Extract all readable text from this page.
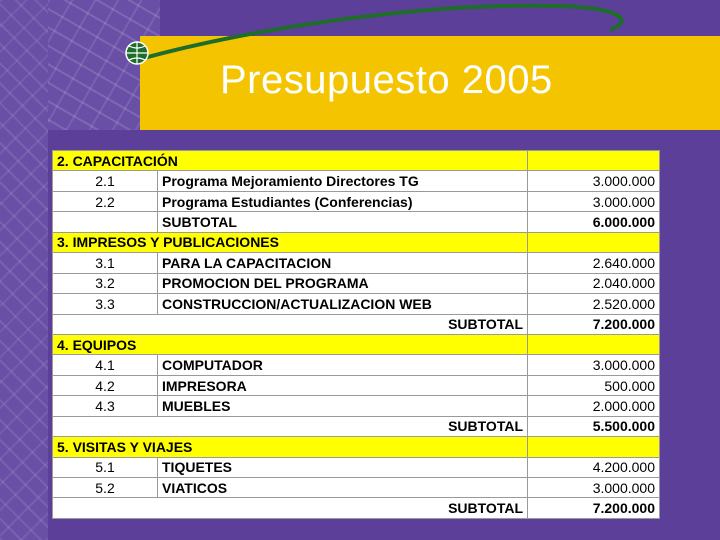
Presupuesto 2005
2. CAPACITACIÓN		
2.1	Programa Mejoramiento Directores TG	3.000.000
2.2	Programa Estudiantes (Conferencias)	3.000.000
	SUBTOTAL	6.000.000
3. IMPRESOS Y PUBLICACIONES		
3.1	PARA LA CAPACITACION	2.640.000
3.2	PROMOCION DEL PROGRAMA	2.040.000
3.3	CONSTRUCCION/ACTUALIZACION WEB	2.520.000
SUBTOTAL		7.200.000
4. EQUIPOS		
4.1	COMPUTADOR	3.000.000
4.2	IMPRESORA	500.000
4.3	MUEBLES	2.000.000
SUBTOTAL		5.500.000
5. VISITAS Y VIAJES		
5.1	TIQUETES	4.200.000
5.2	VIATICOS	3.000.000
SUBTOTAL		7.200.000
